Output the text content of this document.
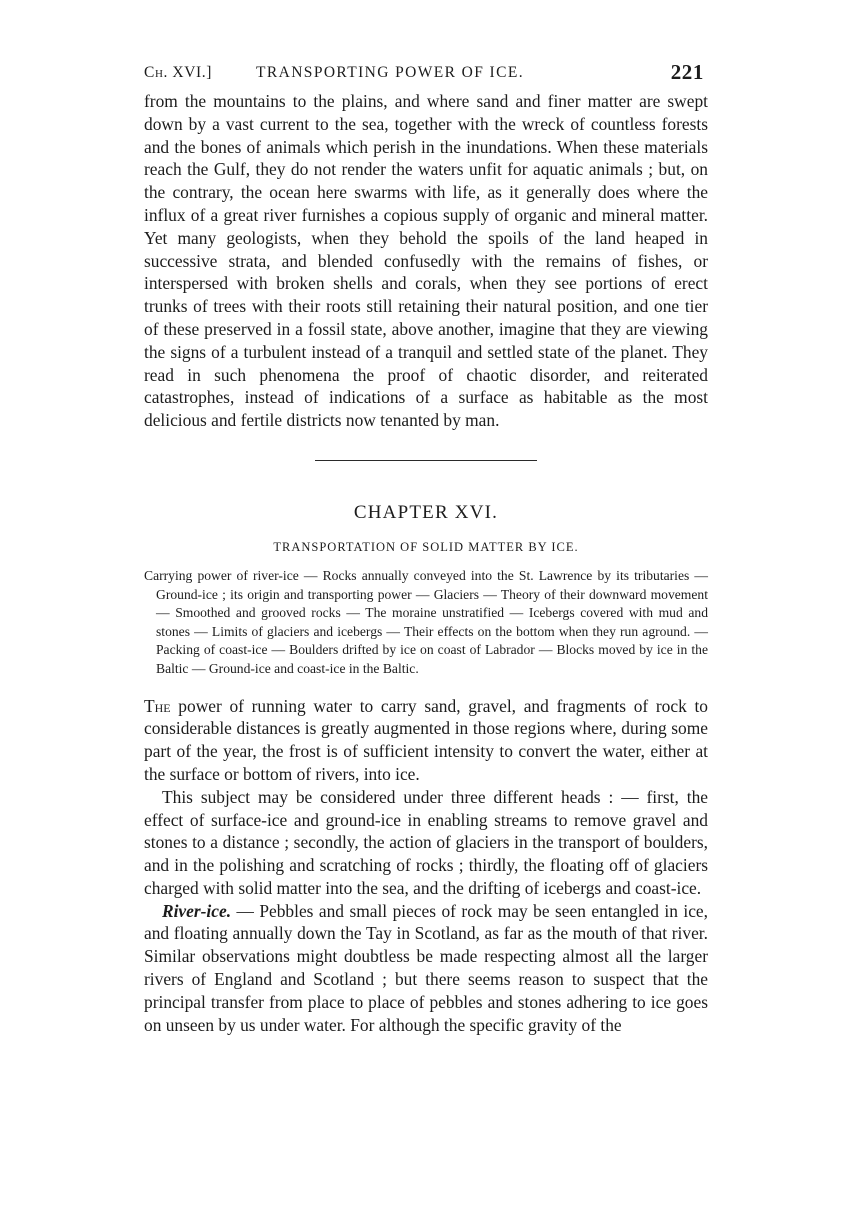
Ch. XVI.]	TRANSPORTING POWER OF ICE.	221

from the mountains to the plains, and where sand and finer matter are swept down by a vast current to the sea, together with the wreck of countless forests and the bones of animals which perish in the inundations. When these materials reach the Gulf, they do not render the waters unfit for aquatic animals ; but, on the contrary, the ocean here swarms with life, as it generally does where the influx of a great river furnishes a copious supply of organic and mineral matter. Yet many geologists, when they behold the spoils of the land heaped in successive strata, and blended confusedly with the remains of fishes, or interspersed with broken shells and corals, when they see portions of erect trunks of trees with their roots still retaining their natural position, and one tier of these preserved in a fossil state, above another, imagine that they are viewing the signs of a turbulent instead of a tranquil and settled state of the planet. They read in such phenomena the proof of chaotic disorder, and reiterated catastrophes, instead of indications of a surface as habitable as the most delicious and fertile districts now tenanted by man.

CHAPTER XVI.
TRANSPORTATION OF SOLID MATTER BY ICE.

Carrying power of river-ice — Rocks annually conveyed into the St. Lawrence by its tributaries — Ground-ice ; its origin and transporting power — Glaciers — Theory of their downward movement — Smoothed and grooved rocks — The moraine unstratified — Icebergs covered with mud and stones — Limits of glaciers and icebergs — Their effects on the bottom when they run aground. — Packing of coast-ice — Boulders drifted by ice on coast of Labrador — Blocks moved by ice in the Baltic — Ground-ice and coast-ice in the Baltic.

The power of running water to carry sand, gravel, and fragments of rock to considerable distances is greatly augmented in those regions where, during some part of the year, the frost is of sufficient intensity to convert the water, either at the surface or bottom of rivers, into ice.

This subject may be considered under three different heads : — first, the effect of surface-ice and ground-ice in enabling streams to remove gravel and stones to a distance ; secondly, the action of glaciers in the transport of boulders, and in the polishing and scratching of rocks ; thirdly, the floating off of glaciers charged with solid matter into the sea, and the drifting of icebergs and coast-ice.

River-ice. — Pebbles and small pieces of rock may be seen entangled in ice, and floating annually down the Tay in Scotland, as far as the mouth of that river. Similar observations might doubtless be made respecting almost all the larger rivers of England and Scotland ; but there seems reason to suspect that the principal transfer from place to place of pebbles and stones adhering to ice goes on unseen by us under water. For although the specific gravity of the
